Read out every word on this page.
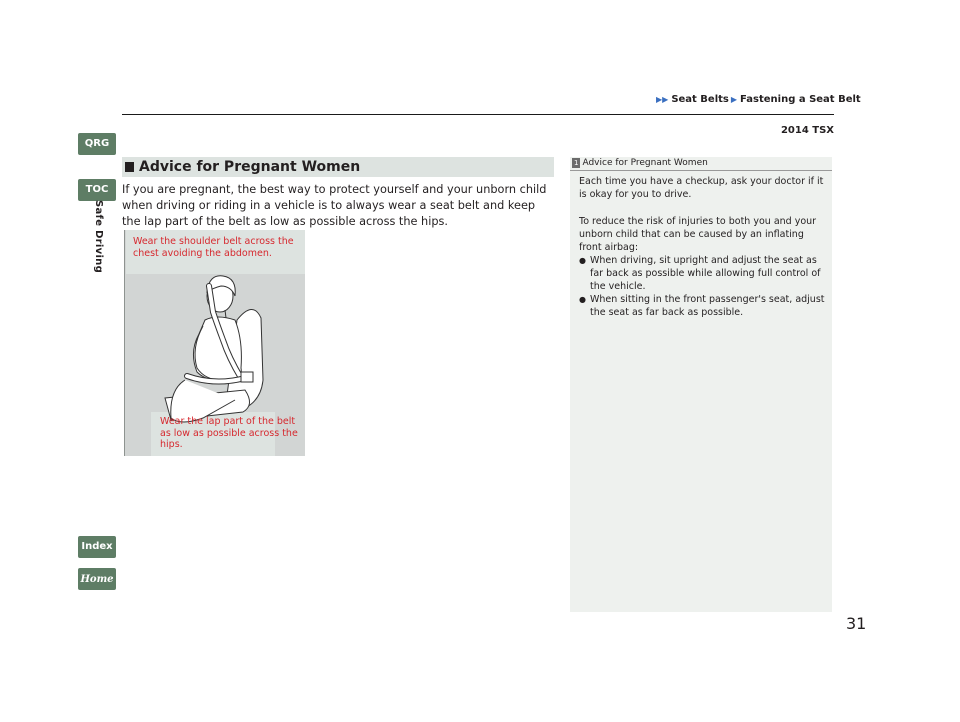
▶▶ Seat Belts ▶ Fastening a Seat Belt
2014 TSX
QRG
TOC
Safe Driving
Index
Home
Advice for Pregnant Women
If you are pregnant, the best way to protect yourself and your unborn child when driving or riding in a vehicle is to always wear a seat belt and keep the lap part of the belt as low as possible across the hips.
Wear the shoulder belt across the chest avoiding the abdomen.
Wear the lap part of the belt as low as possible across the hips.
1 Advice for Pregnant Women

Each time you have a checkup, ask your doctor if it is okay for you to drive.

To reduce the risk of injuries to both you and your unborn child that can be caused by an inflating front airbag:

● When driving, sit upright and adjust the seat as far back as possible while allowing full control of the vehicle.
● When sitting in the front passenger's seat, adjust the seat as far back as possible.
31
